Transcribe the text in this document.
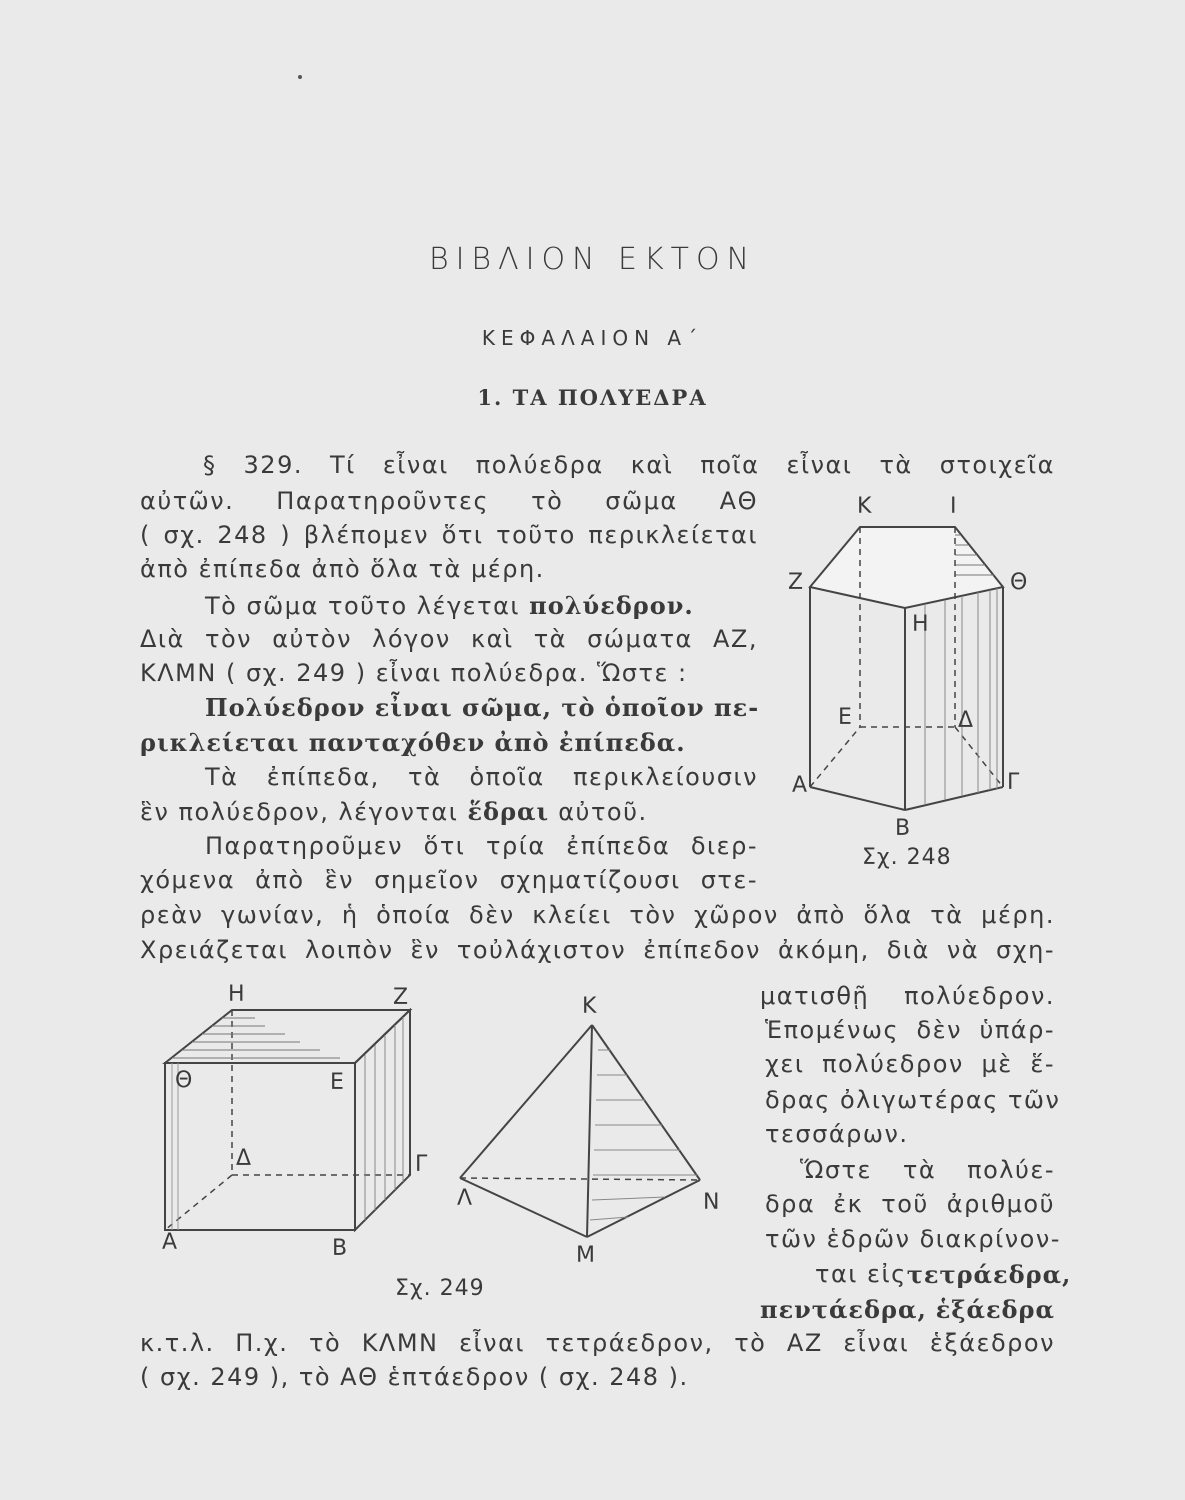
ΒΙΒΛΙΟΝ ΕΚΤΟΝ
ΚΕΦΑΛΑΙΟΝ Α΄
1. ΤΑ ΠΟΛΥΕΔΡΑ
§ 329. Τί εἶναι πολύεδρα καὶ ποῖα εἶναι τὰ στοιχεῖα
αὐτῶν. Παρατηροῦντες τὸ σῶμα ΑΘ
( σχ. 248 ) βλέπομεν ὅτι τοῦτο περικλείεται
ἀπὸ ἐπίπεδα ἀπὸ ὅλα τὰ μέρη.
Τὸ σῶμα τοῦτο λέγεται πολύεδρον.
Διὰ τὸν αὐτὸν λόγον καὶ τὰ σώματα ΑΖ,
ΚΛΜΝ ( σχ. 249 ) εἶναι πολύεδρα. Ὥστε :
Πολύεδρον εἶναι σῶμα, τὸ ὁποῖον πε-
ρικλείεται πανταχόθεν ἀπὸ ἐπίπεδα.
Τὰ ἐπίπεδα, τὰ ὁποῖα περικλείουσιν
ἓν πολύεδρον, λέγονται ἕδραι αὐτοῦ.
Παρατηροῦμεν ὅτι τρία ἐπίπεδα διερ-
χόμενα ἀπὸ ἓν σημεῖον σχηματίζουσι στε-
ρεὰν γωνίαν, ἡ ὁποία δὲν κλείει τὸν χῶρον ἀπὸ ὅλα τὰ μέρη.
Χρειάζεται λοιπὸν ἓν τοὐλάχιστον ἐπίπεδον ἀκόμη, διὰ νὰ σχη-
ματισθῇ πολύεδρον.
Ἑπομένως δὲν ὑπάρ-
χει πολύεδρον μὲ ἕ-
δρας ὀλιγωτέρας τῶν
τεσσάρων.
Ὥστε τὰ πολύε-
δρα ἐκ τοῦ ἀριθμοῦ
τῶν ἑδρῶν διακρίνον-
ται εἰς τετράεδρα,
πεντάεδρα, ἑξάεδρα
κ.τ.λ. Π.χ. τὸ ΚΛΜΝ εἶναι τετράεδρον, τὸ ΑΖ εἶναι ἑξάεδρον
( σχ. 249 ), τὸ ΑΘ ἑπτάεδρον ( σχ. 248 ).
Κ	Ι
Ζ	Θ
Η
Ε	Δ
Α	Γ
Β
Σχ. 248
Η	Ζ
Θ	Ε
Δ	Γ
Α	Β
Κ
Λ	Ν
Μ
Σχ. 249
